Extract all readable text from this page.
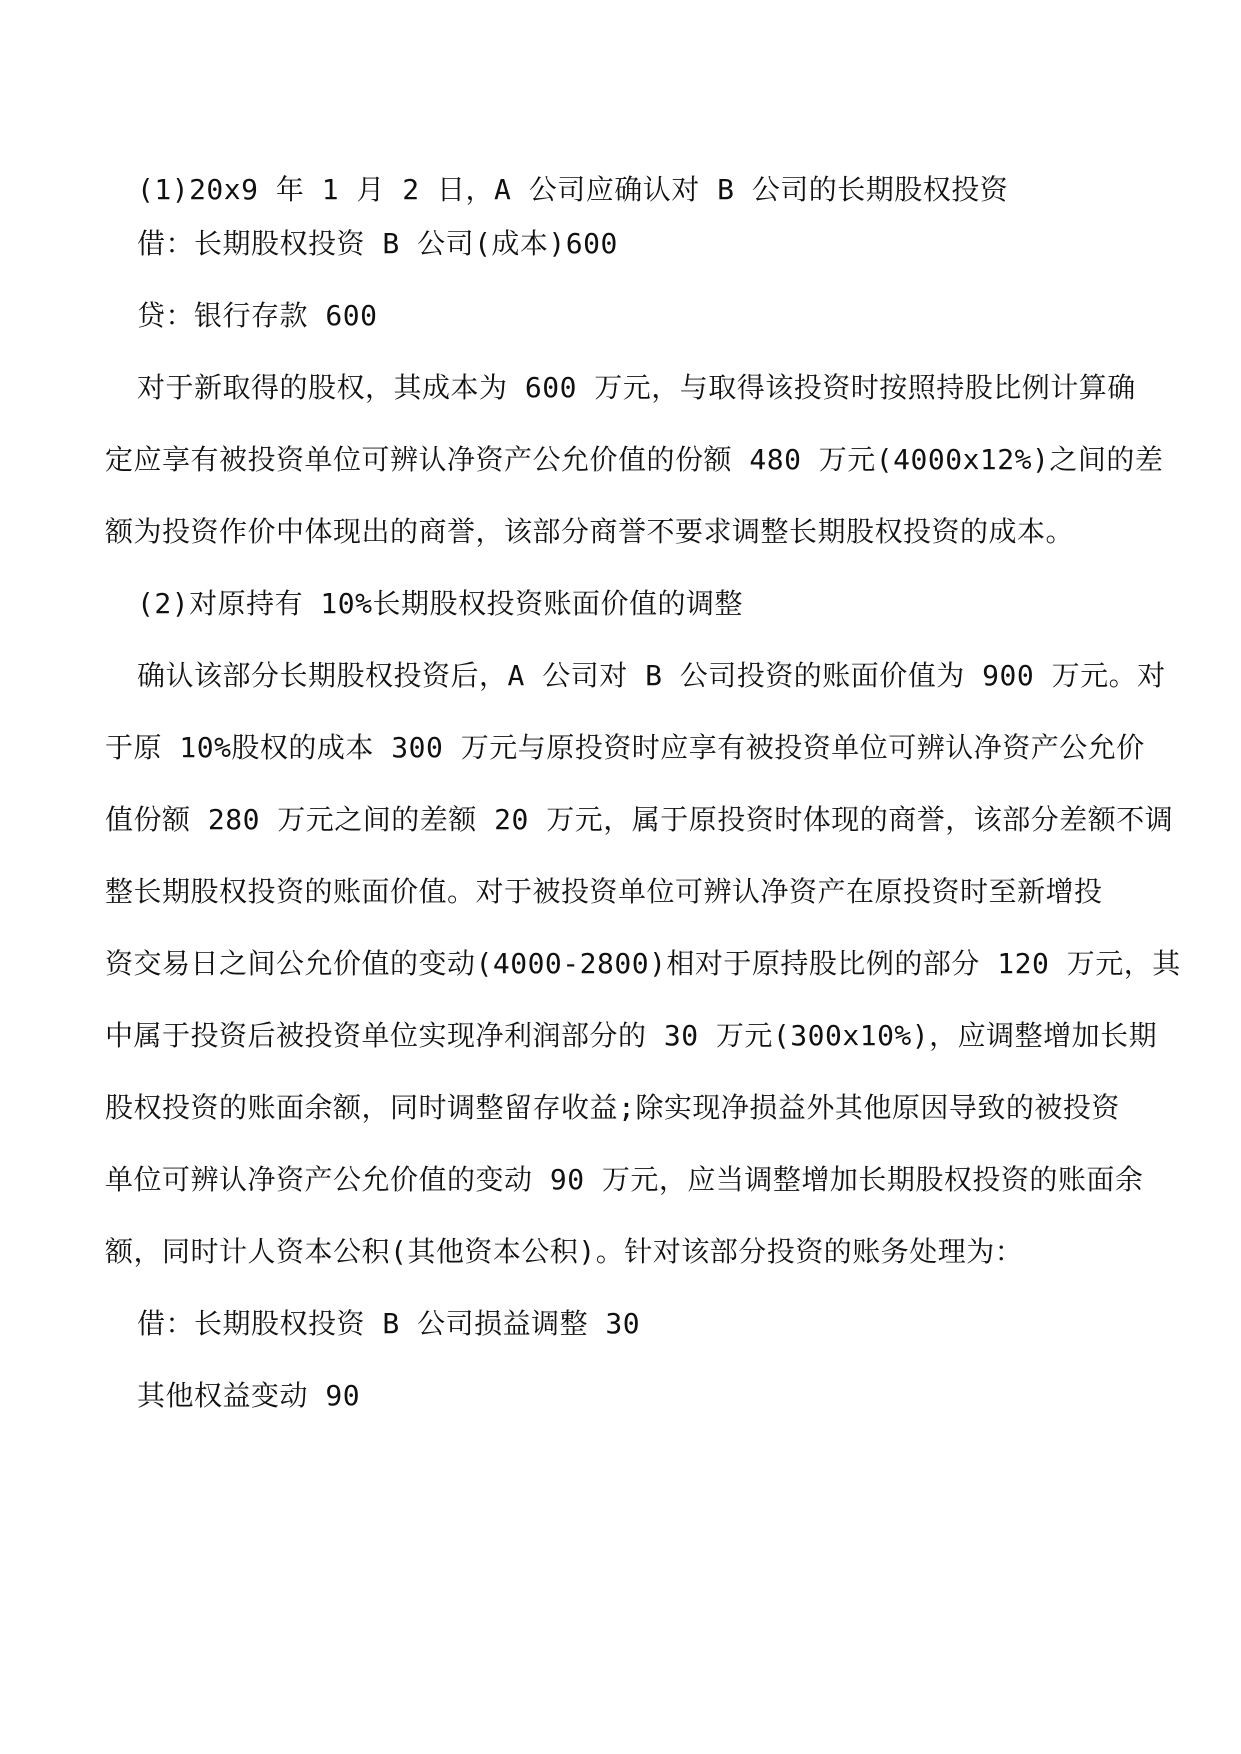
(1)20x9 年 1 月 2 日，A 公司应确认对 B 公司的长期股权投资
借：长期股权投资 B 公司(成本)600
贷：银行存款 600
对于新取得的股权，其成本为 600 万元，与取得该投资时按照持股比例计算确
定应享有被投资单位可辨认净资产公允价值的份额 480 万元(4000x12%)之间的差
额为投资作价中体现出的商誉，该部分商誉不要求调整长期股权投资的成本。
(2)对原持有 10%长期股权投资账面价值的调整
确认该部分长期股权投资后，A 公司对 B 公司投资的账面价值为 900 万元。对
于原 10%股权的成本 300 万元与原投资时应享有被投资单位可辨认净资产公允价
值份额 280 万元之间的差额 20 万元，属于原投资时体现的商誉，该部分差额不调
整长期股权投资的账面价值。对于被投资单位可辨认净资产在原投资时至新增投
资交易日之间公允价值的变动(4000-2800)相对于原持股比例的部分 120 万元，其
中属于投资后被投资单位实现净利润部分的 30 万元(300x10%)，应调整增加长期
股权投资的账面余额，同时调整留存收益;除实现净损益外其他原因导致的被投资
单位可辨认净资产公允价值的变动 90 万元，应当调整增加长期股权投资的账面余
额，同时计人资本公积(其他资本公积)。针对该部分投资的账务处理为：
借：长期股权投资 B 公司损益调整 30
其他权益变动 90
